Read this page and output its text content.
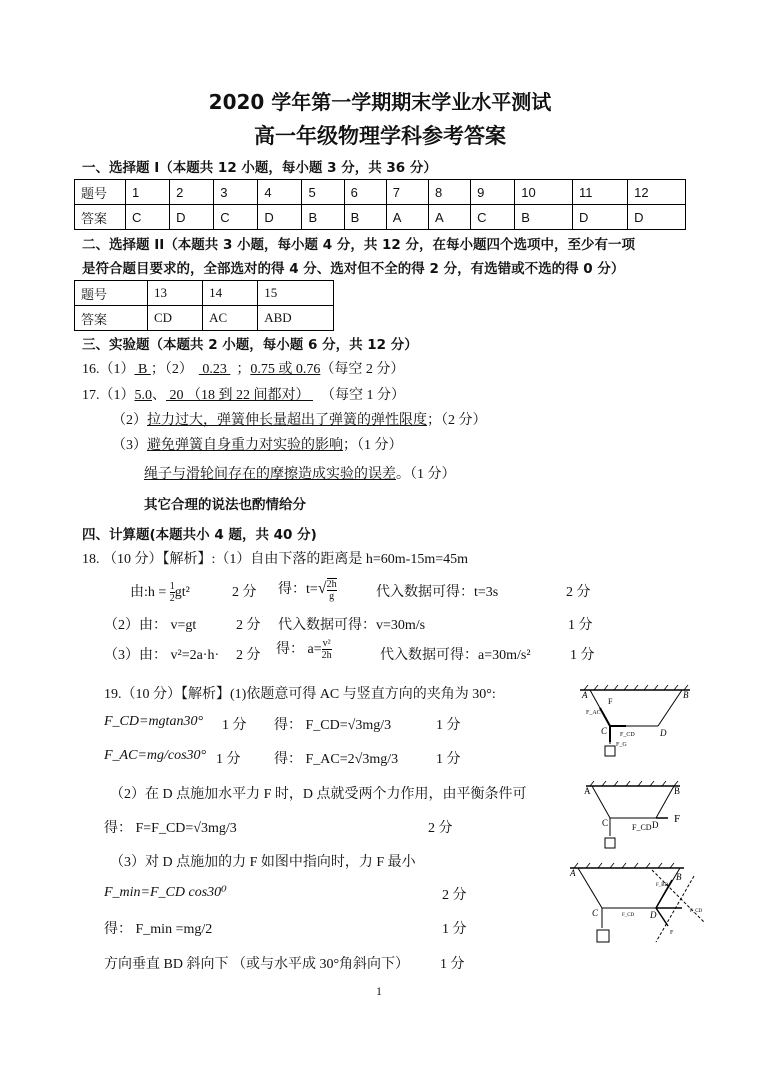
2020 学年第一学期期末学业水平测试
高一年级物理学科参考答案
一、选择题 I（本题共 12 小题，每小题 3 分，共 36 分）
题号	1	2	3	4	5	6	7	8	9	10	11	12
答案	C	D	C	D	B	B	A	A	C	B	D	D
二、选择题 II（本题共 3 小题，每小题 4 分，共 12 分，在每小题四个选项中，至少有一项
是符合题目要求的，全部选对的得 4 分、选对但不全的得 2 分，有选错或不选的得 0 分）
题号	13	14	15
答案	CD	AC	ABD
三、实验题（本题共 2 小题，每小题 6 分，共 12 分）
16.（1） B ；（2） 0.23 ；0.75 或 0.76（每空 2 分）
17.（1）5.0、 20 （18 到 22 间都对） （每空 1 分）
（2）拉力过大，弹簧伸长量超出了弹簧的弹性限度；（2 分）
（3）避免弹簧自身重力对实验的影响；（1 分）
绳子与滑轮间存在的摩擦造成实验的误差。（1 分）
其它合理的说法也酌情给分
四、计算题(本题共小 4 题，共 40 分)
18. （10 分）【解析】:（1）自由下落的距离是 h=60m-15m=45m
由:h = $\frac{1}{2} gt^2$	2 分 得：$t=√ \frac{2h}{g}$	代入数据可得：t=3s	2 分
（2）由： v=gt	2 分 代入数据可得：v=30m/s	1 分
（3）由： v²=2a·h· 2 分 得： $a= \frac{\text{v²}}{2h}$	代入数据可得：a=30m/s²	1 分
19.（10 分）【解析】(1)依题意可得 AC 与竖直方向的夹角为 30°:
F_CD=mgtan30° 1 分 得： F_CD=√3mg/3	1 分
F_AC=mg/cos30° 1 分 得： F_AC=2√3mg/3	1 分
（2）在 D 点施加水平力 F 时，D 点就受两个力作用，由平衡条件可
得： F=F_CD=√3mg/3	2 分
（3）对 D 点施加的力 F 如图中指向时，力 F 最小
F_min=F_CD cos30⁰	2 分
得： F_min =mg/2	1 分
方向垂直 BD 斜向下 （或与水平成 30°角斜向下） 1 分
A	B
C	D
F
F_AC
F_CD
F_G
A	B
C	D
F_CD
F
A	B
C	D
F_BD
F_CD
F_CD
F
1
